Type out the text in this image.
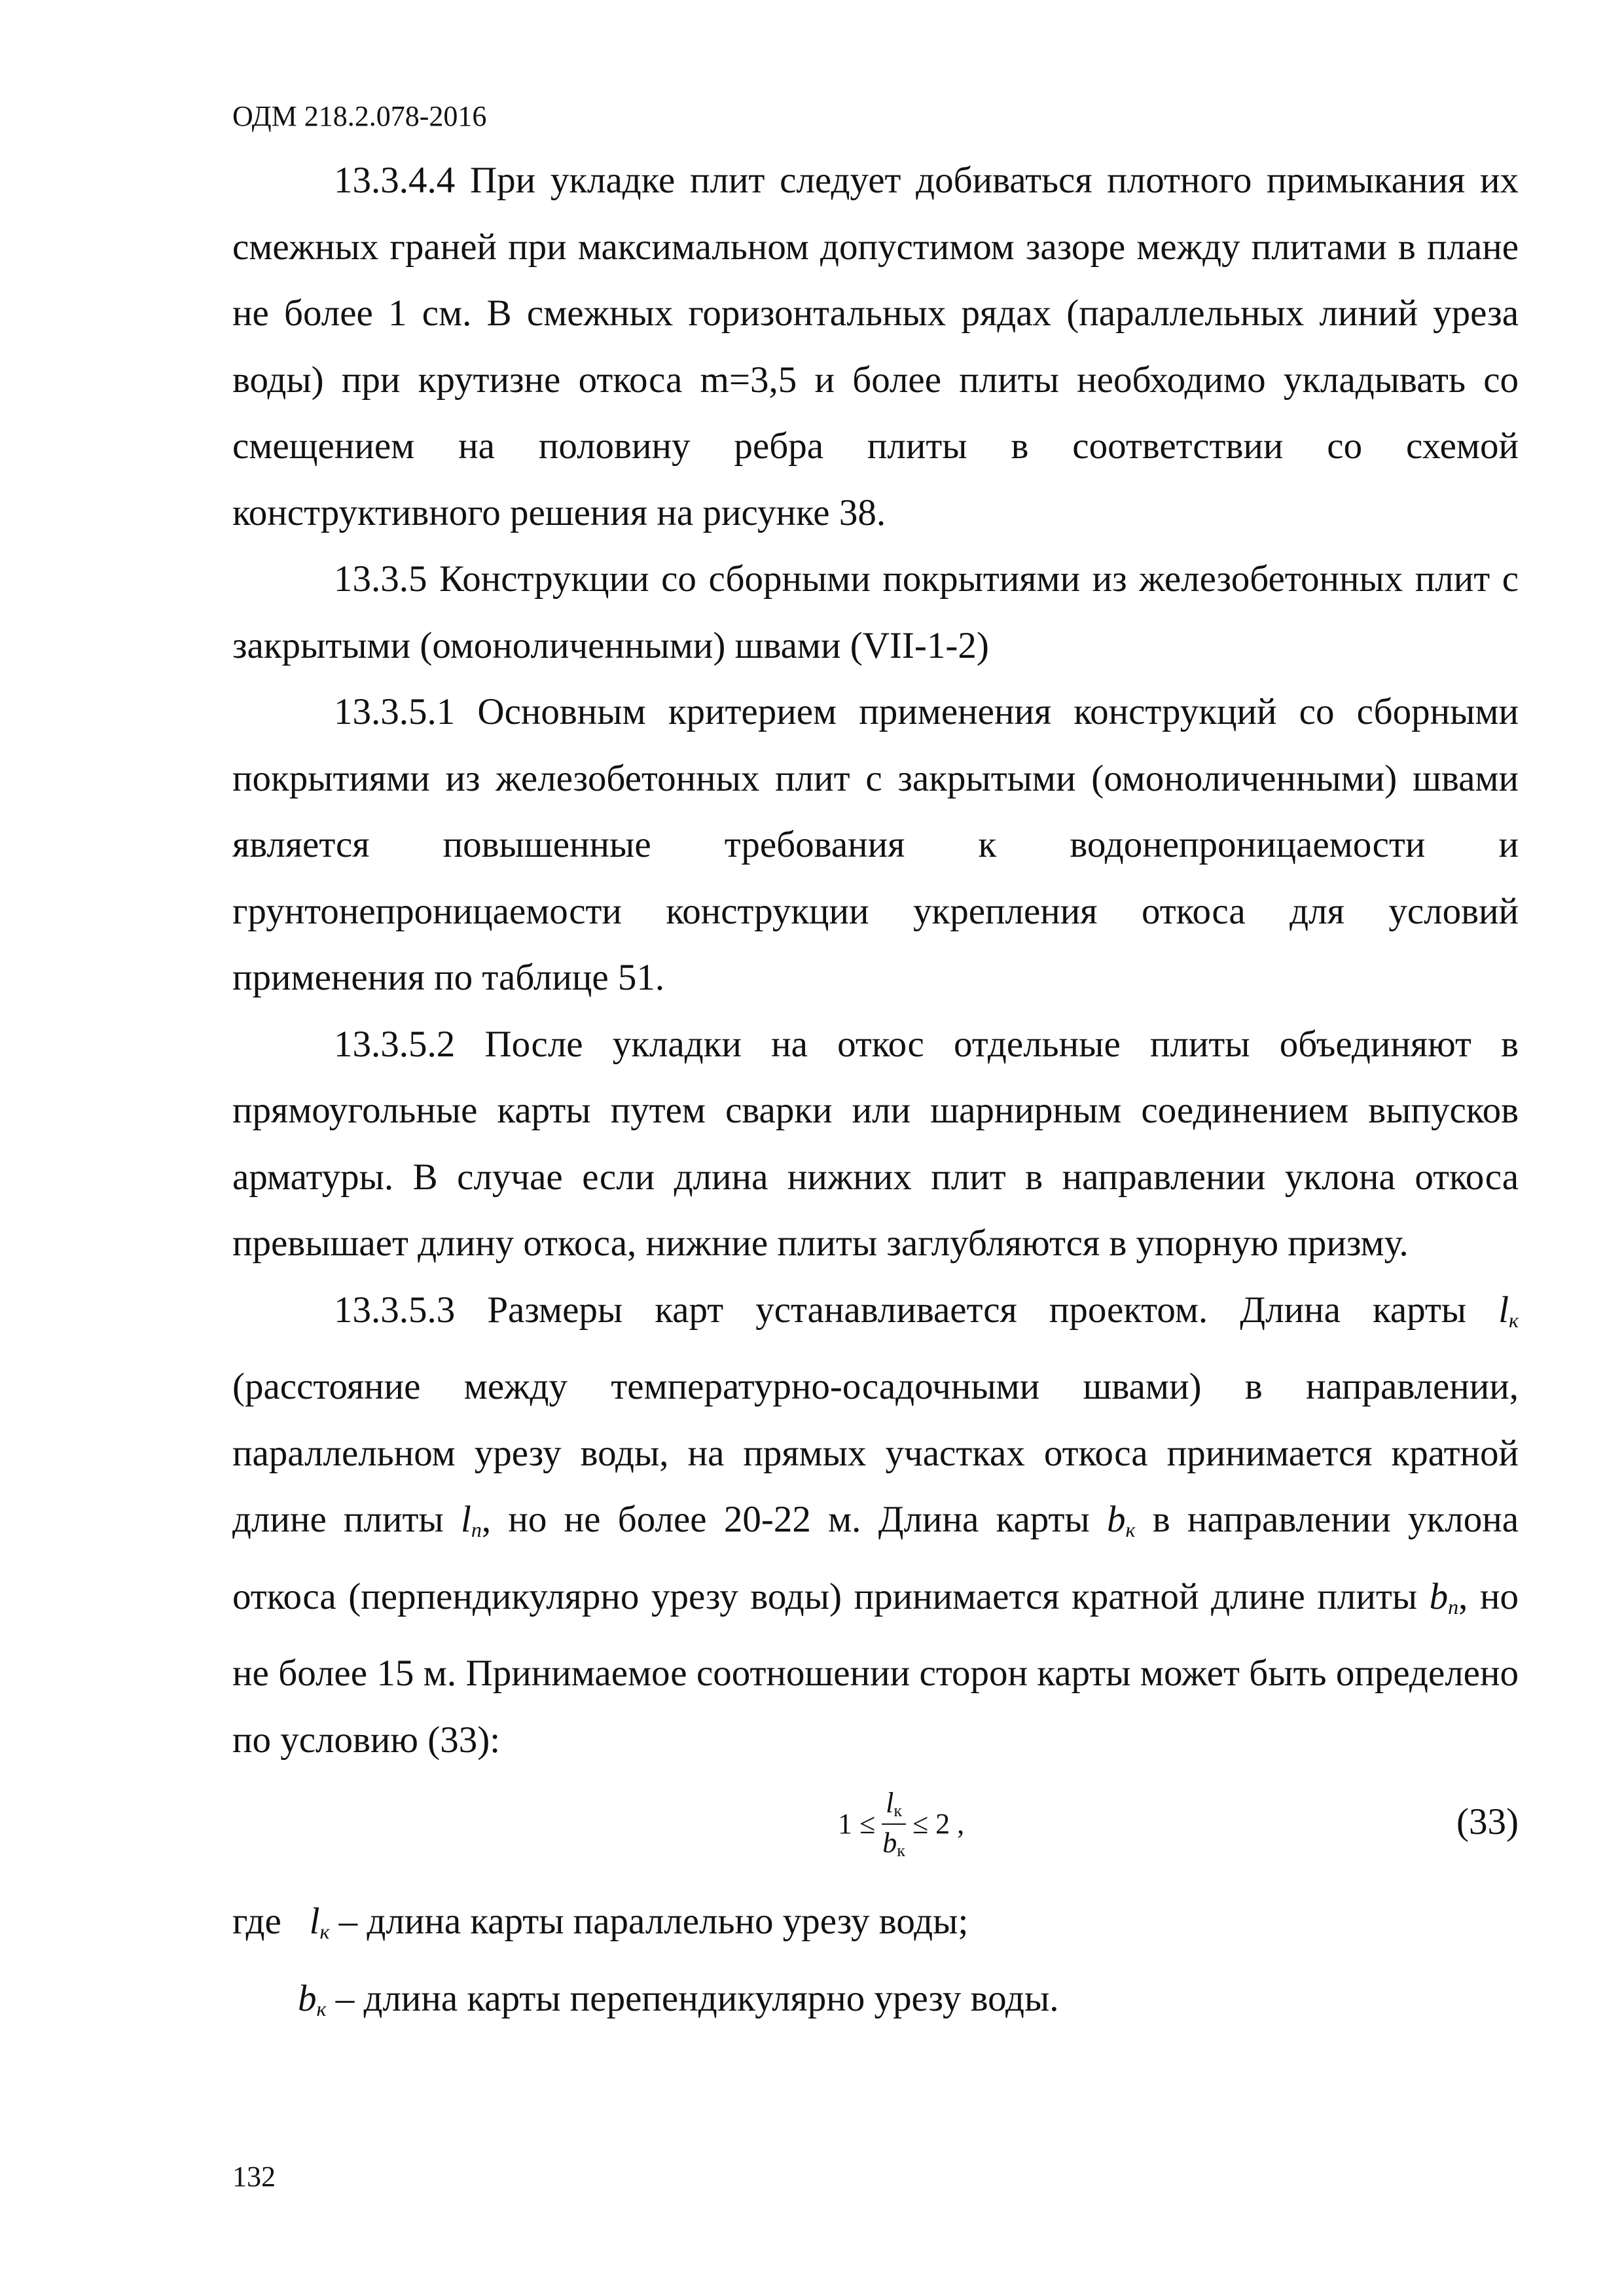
ОДМ 218.2.078-2016

13.3.4.4 При укладке плит следует добиваться плотного примыкания их смежных граней при максимальном допустимом зазоре между плитами в плане не более 1 см. В смежных горизонтальных рядах (параллельных линий уреза воды) при крутизне откоса m=3,5 и более плиты необходимо укладывать со смещением на половину ребра плиты в соответствии со схемой конструктивного решения на рисунке 38.

13.3.5 Конструкции со сборными покрытиями из железобетонных плит с закрытыми (омоноличенными) швами (VII-1-2)

13.3.5.1 Основным критерием применения конструкций со сборными покрытиями из железобетонных плит с закрытыми (омоноличенными) швами является повышенные требования к водонепроницаемости и грунтонепроницаемости конструкции укрепления откоса для условий применения по таблице 51.

13.3.5.2 После укладки на откос отдельные плиты объединяют в прямоугольные карты путем сварки или шарнирным соединением выпусков арматуры. В случае если длина нижних плит в направлении уклона откоса превышает длину откоса, нижние плиты заглубляются в упорную призму.

13.3.5.3 Размеры карт устанавливается проектом. Длина карты $l_к$ (расстояние между температурно-осадочными швами) в направлении, параллельном урезу воды, на прямых участках откоса принимается кратной длине плиты $l_п$, но не более 20-22 м. Длина карты $b_к$ в направлении уклона откоса (перпендикулярно урезу воды) принимается кратной длине плиты $b_п$, но не более 15 м. Принимаемое соотношении сторон карты может быть определено по условию (33):

$1 \le \frac{lк}{bк} \le 2$ ,	(33)

где $l_к$ – длина карты параллельно урезу воды;

$b_к$ – длина карты перепендикулярно урезу воды.

132
